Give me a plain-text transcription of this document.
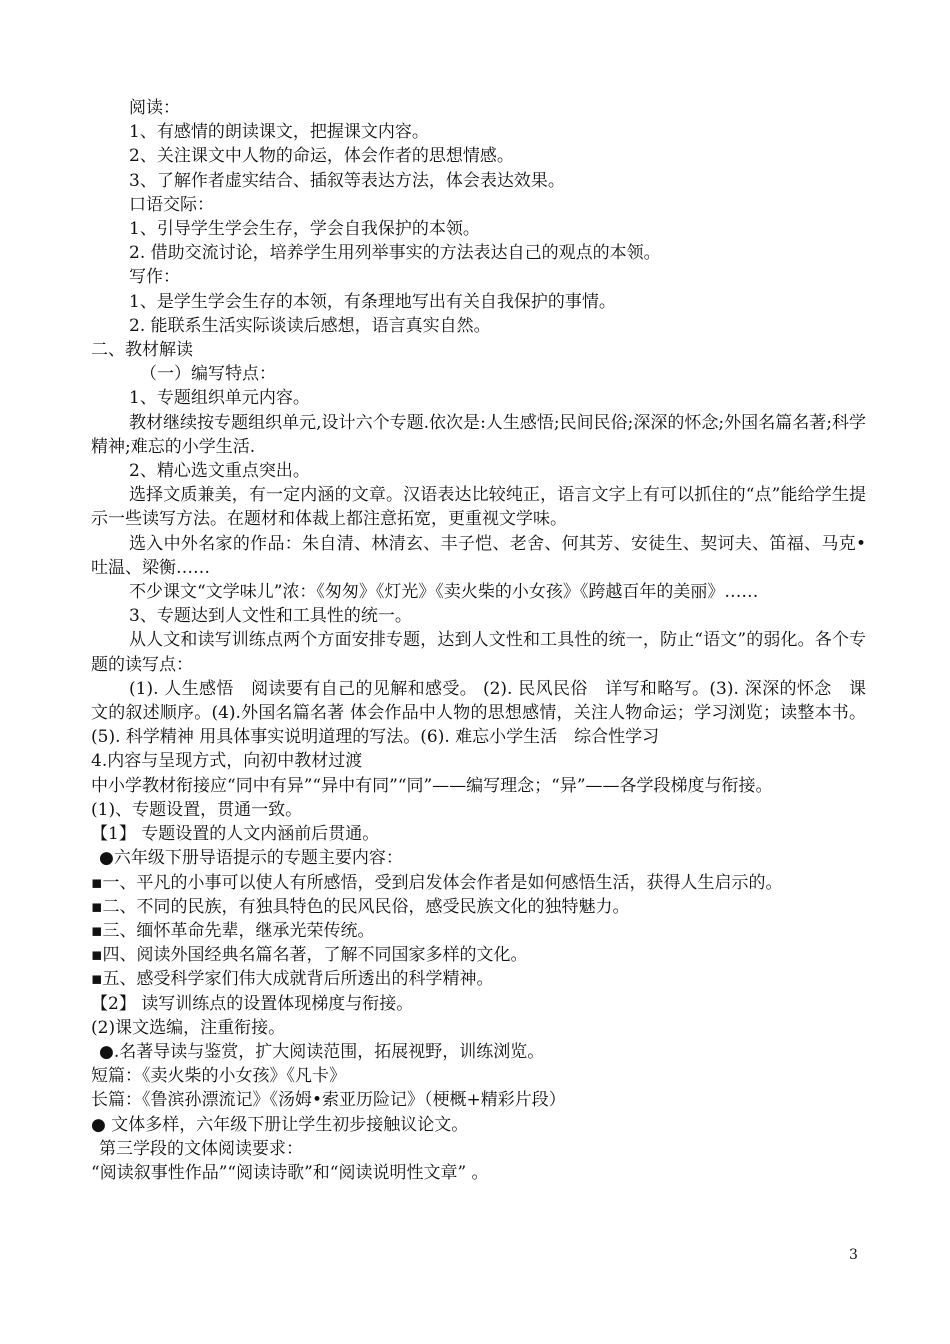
阅读：
1、有感情的朗读课文，把握课文内容。
2、关注课文中人物的命运，体会作者的思想情感。
3、了解作者虚实结合、插叙等表达方法，体会表达效果。
口语交际：
1、引导学生学会生存，学会自我保护的本领。
2. 借助交流讨论，培养学生用列举事实的方法表达自己的观点的本领。
写作：
1、是学生学会生存的本领，有条理地写出有关自我保护的事情。
2. 能联系生活实际谈读后感想，语言真实自然。
二、教材解读
（一）编写特点：
1、专题组织单元内容。
教材继续按专题组织单元,设计六个专题.依次是:人生感悟;民间民俗;深深的怀念;外国名篇名著;科学精神;难忘的小学生活.
2、精心选文重点突出。
选择文质兼美，有一定内涵的文章。汉语表达比较纯正，语言文字上有可以抓住的“点”能给学生提示一些读写方法。在题材和体裁上都注意拓宽，更重视文学味。
选入中外名家的作品：朱自清、林清玄、丰子恺、老舍、何其芳、安徒生、契诃夫、笛福、马克• 吐温、梁衡……
不少课文“文学味儿”浓：《匆匆》《灯光》《卖火柴的小女孩》《跨越百年的美丽》……
3、专题达到人文性和工具性的统一。
从人文和读写训练点两个方面安排专题，达到人文性和工具性的统一，防止“语文”的弱化。各个专题的读写点：
(1). 人生感悟　阅读要有自己的见解和感受。 (2). 民风民俗　详写和略写。(3). 深深的怀念　课文的叙述顺序。(4).外国名篇名著 体会作品中人物的思想感情，关注人物命运；学习浏览；读整本书。(5). 科学精神 用具体事实说明道理的写法。(6). 难忘小学生活　综合性学习
4.内容与呈现方式，向初中教材过渡
中小学教材衔接应“同中有异”“异中有同”“同”——编写理念；“异”——各学段梯度与衔接。
(1)、专题设置，贯通一致。
【1】 专题设置的人文内涵前后贯通。
●六年级下册导语提示的专题主要内容：
▪一、平凡的小事可以使人有所感悟，受到启发体会作者是如何感悟生活，获得人生启示的。
▪二、不同的民族，有独具特色的民风民俗，感受民族文化的独特魅力。
▪三、缅怀革命先辈，继承光荣传统。
▪四、阅读外国经典名篇名著，了解不同国家多样的文化。
▪五、感受科学家们伟大成就背后所透出的科学精神。
【2】 读写训练点的设置体现梯度与衔接。
(2)课文选编，注重衔接。
●.名著导读与鉴赏，扩大阅读范围，拓展视野，训练浏览。
短篇：《卖火柴的小女孩》《凡卡》
长篇：《鲁滨孙漂流记》《汤姆•索亚历险记》（梗概+精彩片段）
● 文体多样，六年级下册让学生初步接触议论文。
第三学段的文体阅读要求：
“阅读叙事性作品”“阅读诗歌”和“阅读说明性文章” 。
3
